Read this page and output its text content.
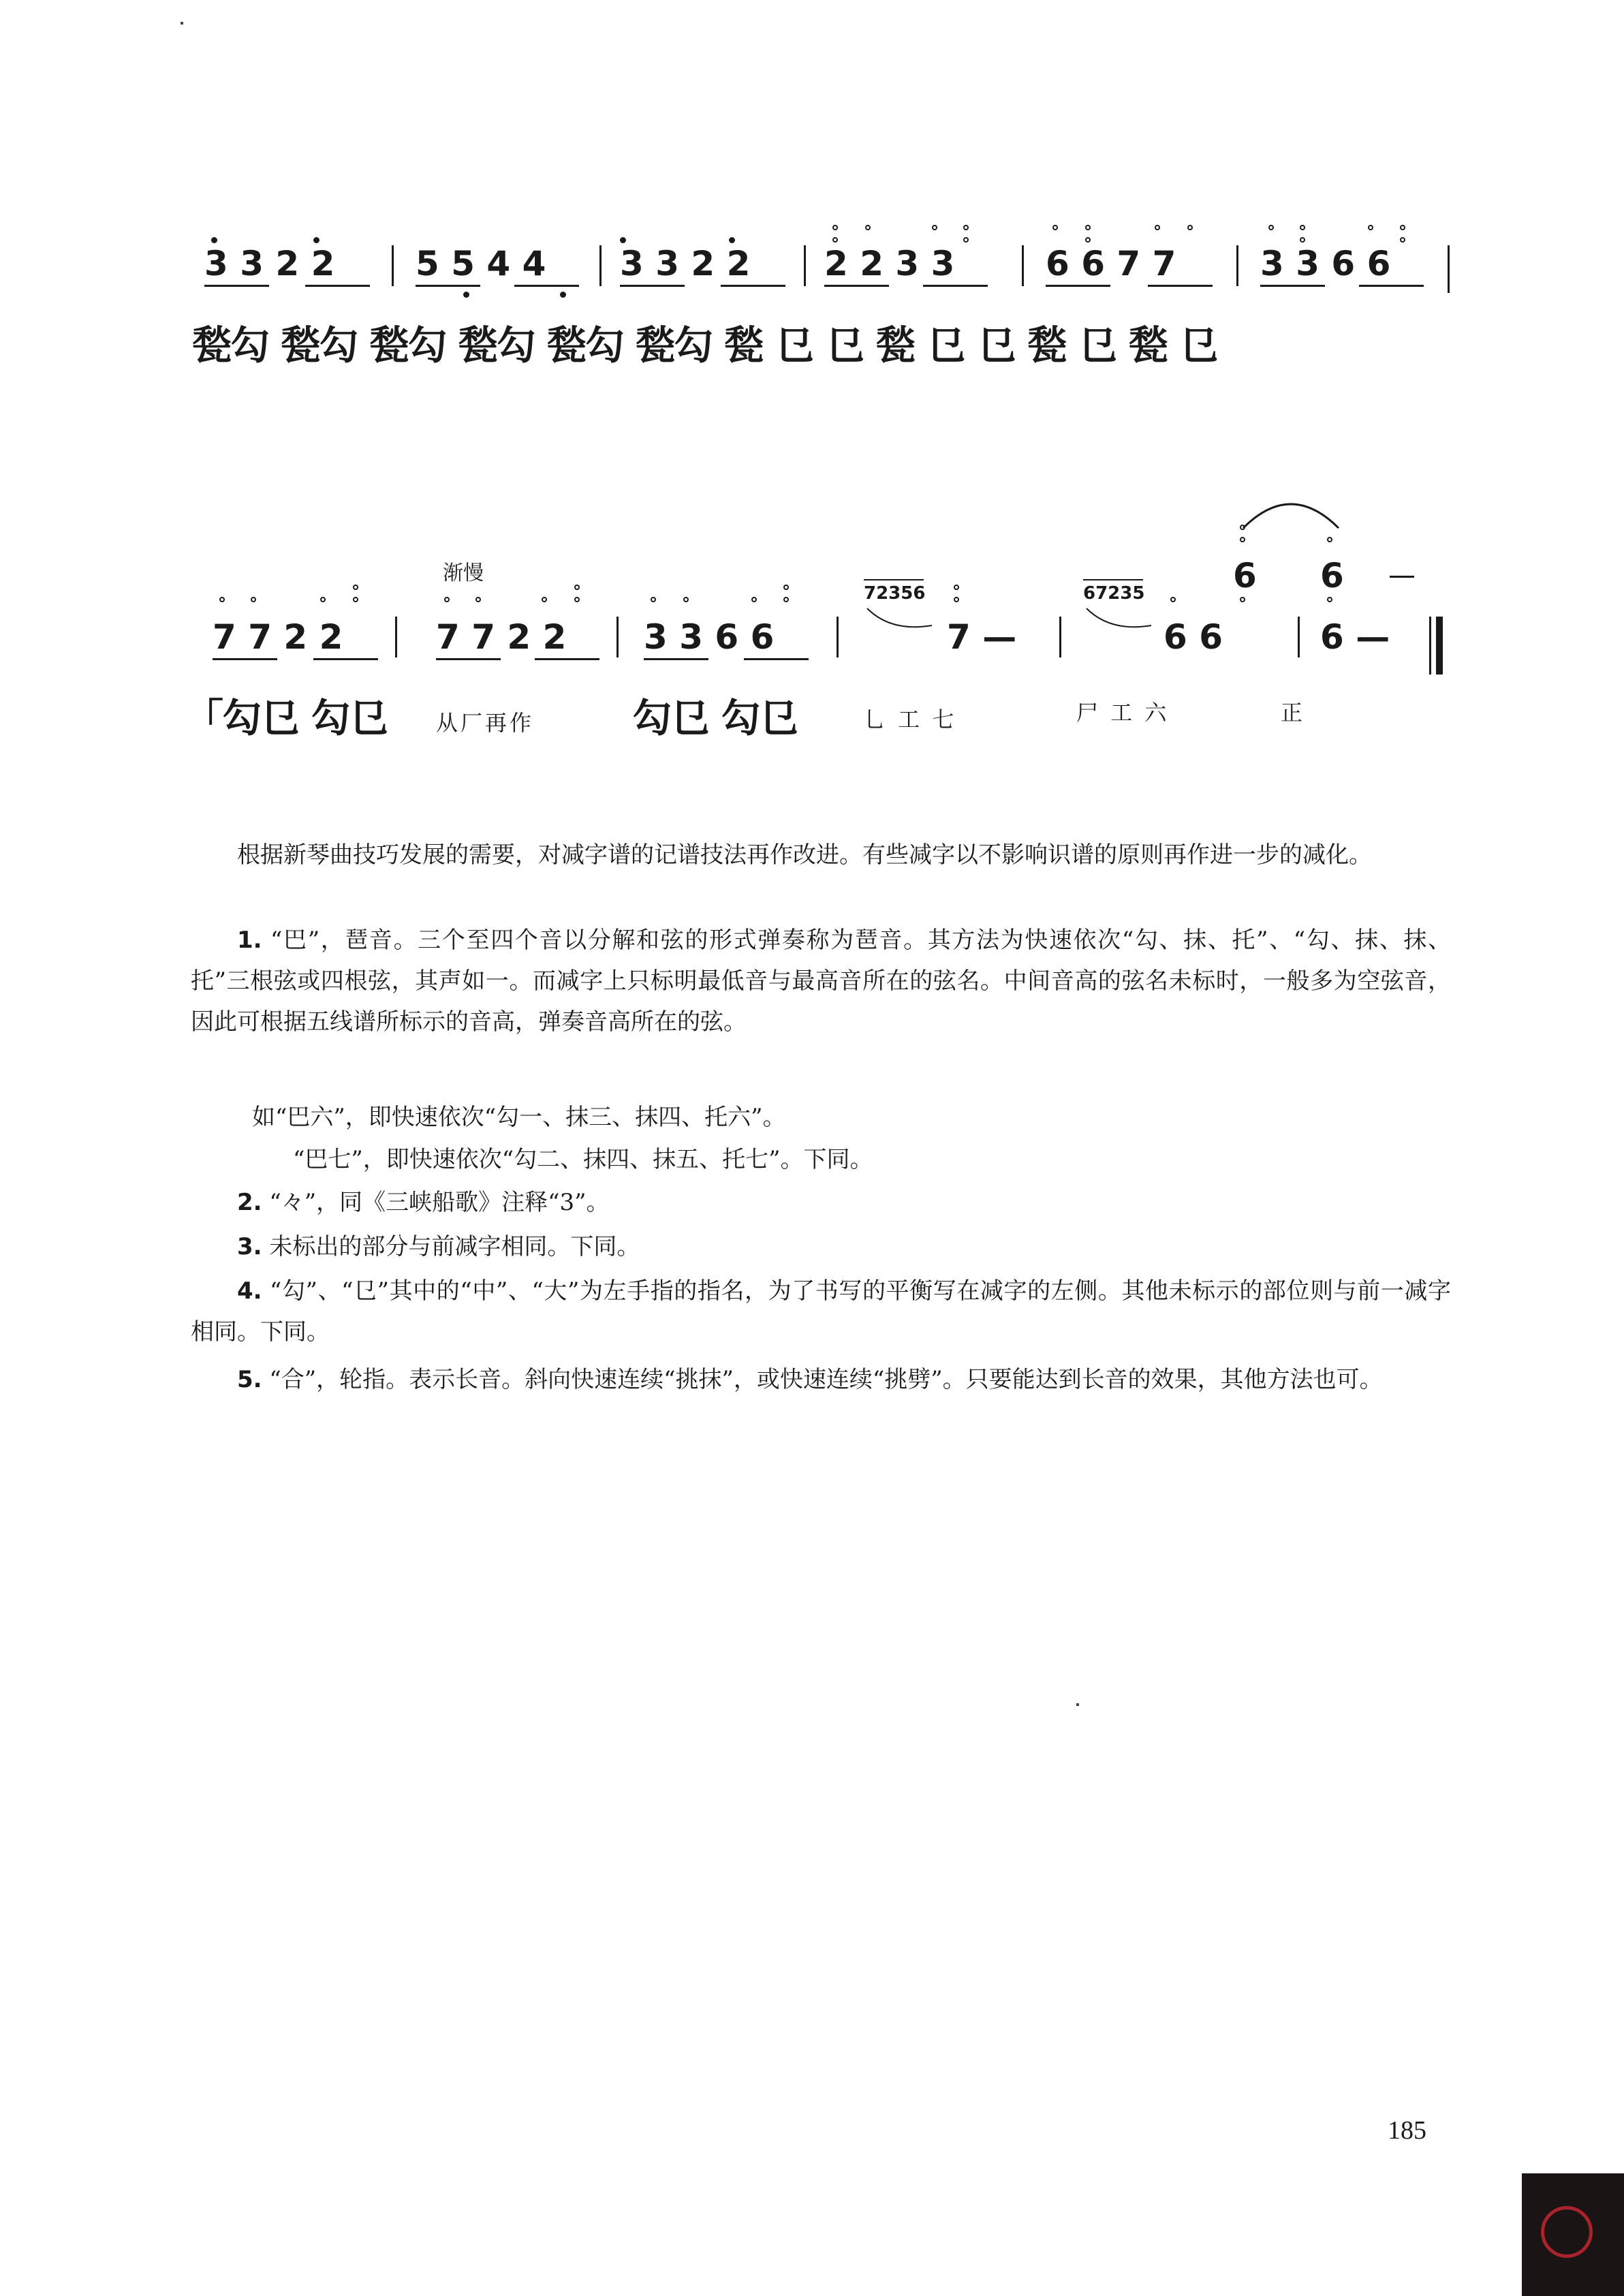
3 3 2 2 5 5 4 4 3 3 2 2 2 2 3 3	6 6 7 7 3 3 6 6
甃勾 甃勾 甃勾 甃勾 甃勾 甃勾 甃 㔾 㔾 甃 㔾 㔾 甃 㔾 甃 㔾
渐慢
7 7 2 2	7 7 2 2 3 3 6 6
72356	67235
7 —	6 6	6 —
6 6
「勾㔾 勾㔾 从厂再作 勾㔾 勾㔾	乚 工 七	尸 工 六	正
根据新琴曲技巧发展的需要，对减字谱的记谱技法再作改进。有些减字以不影响识谱的原则再作进一步的减化。
1. “巴”，琶音。三个至四个音以分解和弦的形式弹奏称为琶音。其方法为快速依次“勾、抹、托”、“勾、抹、抹、托”三根弦或四根弦，其声如一。而减字上只标明最低音与最高音所在的弦名。中间音高的弦名未标时，一般多为空弦音，因此可根据五线谱所标示的音高，弹奏音高所在的弦。
如“巴六”，即快速依次“勾一、抹三、抹四、托六”。
“巴七”，即快速依次“勾二、抹四、抹五、托七”。下同。
2. “々”，同《三峡船歌》注释“3”。
3. 未标出的部分与前减字相同。下同。
4. “勾”、“㔾”其中的“中”、“大”为左手指的指名，为了书写的平衡写在减字的左侧。其他未标示的部位则与前一减字相同。下同。
5. “合”，轮指。表示长音。斜向快速连续“挑抹”，或快速连续“挑劈”。只要能达到长音的效果，其他方法也可。
185
